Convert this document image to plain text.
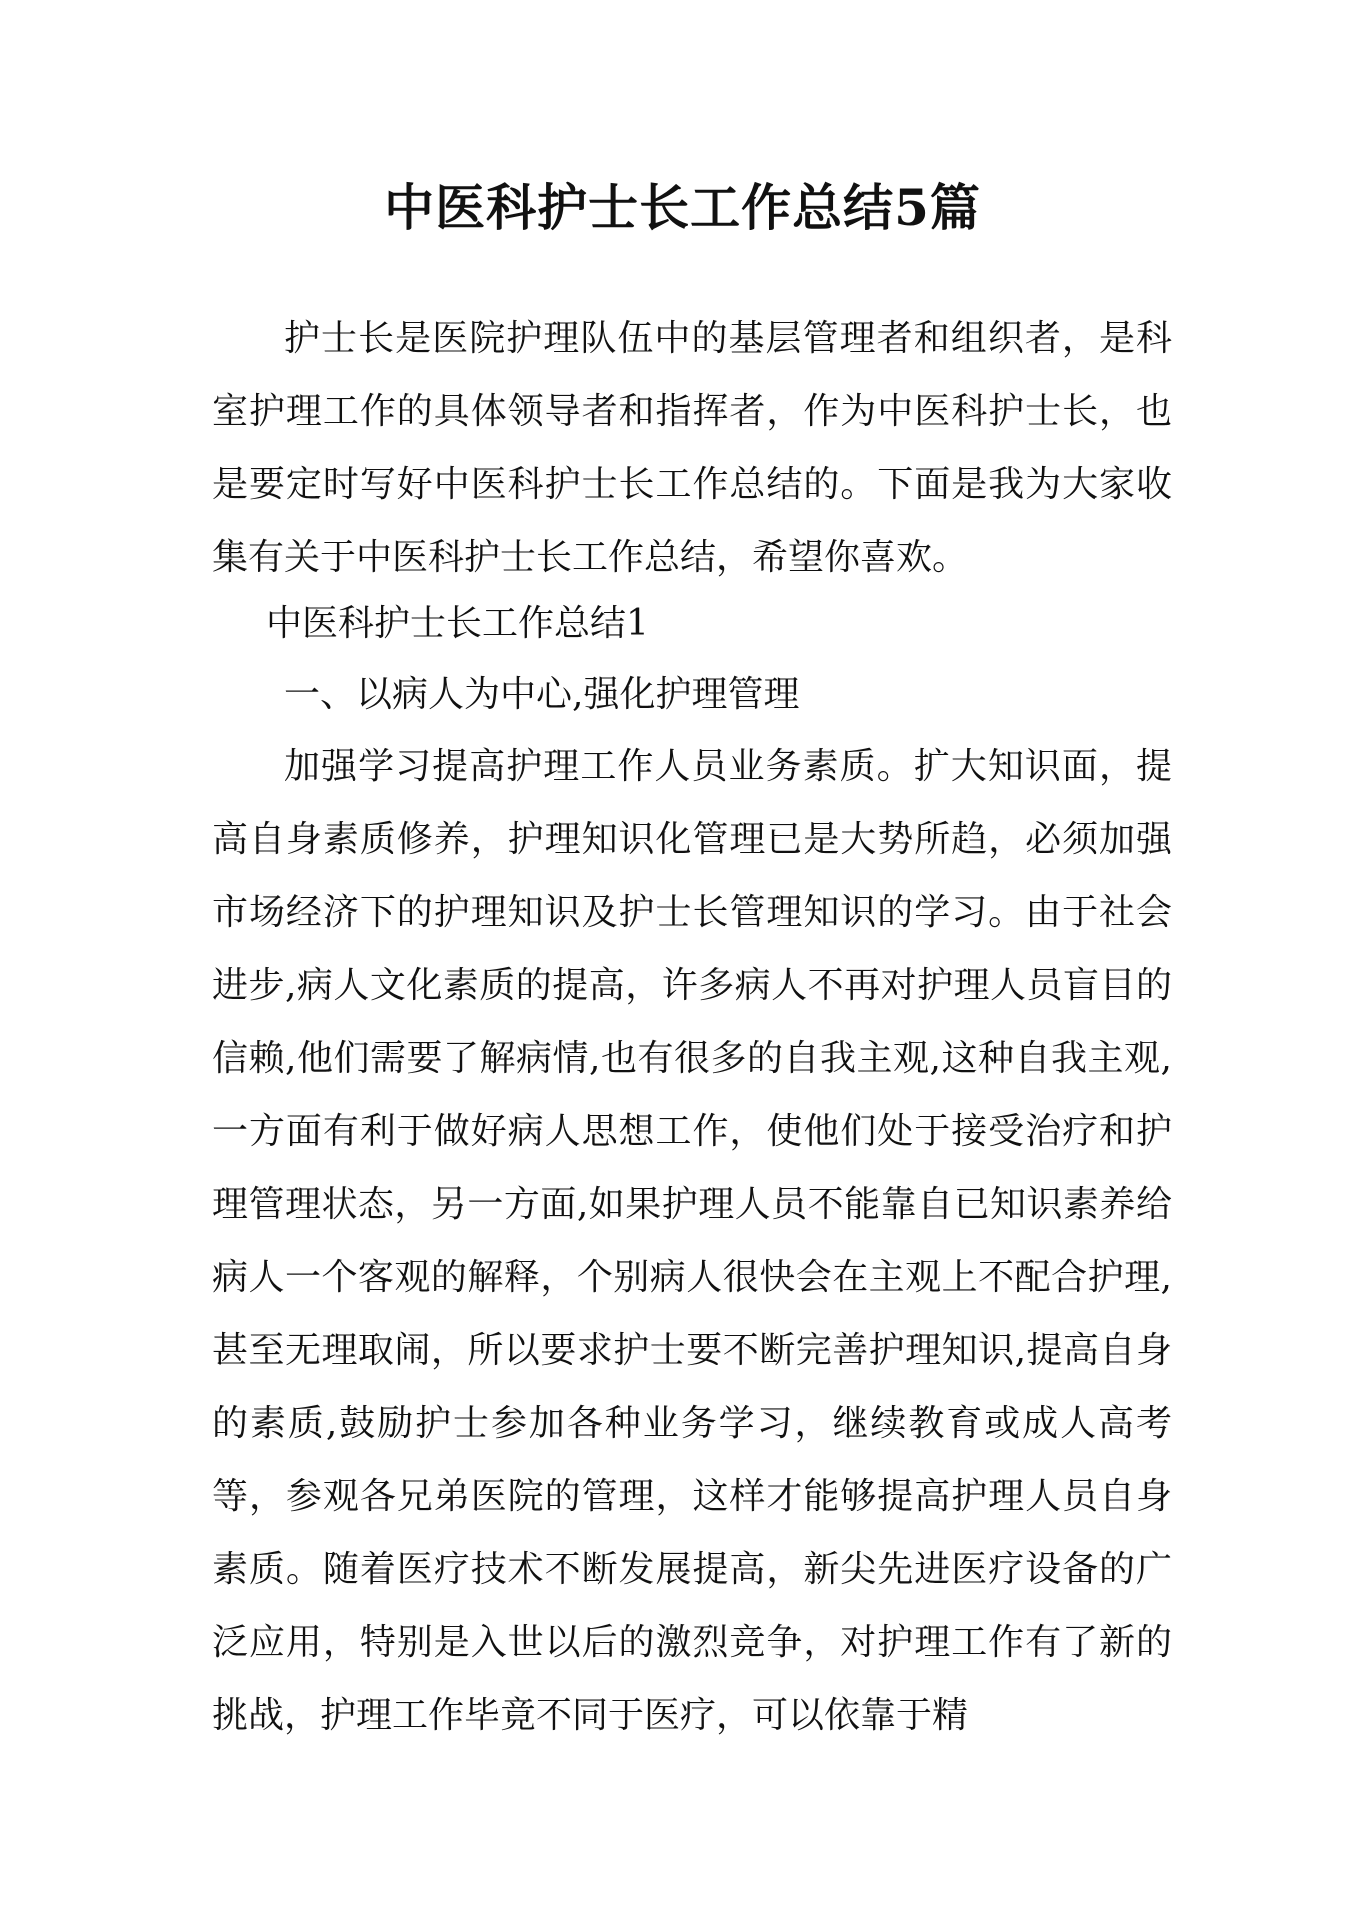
中医科护士长工作总结5篇

护士长是医院护理队伍中的基层管理者和组织者，是科室护理工作的具体领导者和指挥者，作为中医科护士长，也是要定时写好中医科护士长工作总结的。下面是我为大家收集有关于中医科护士长工作总结，希望你喜欢。

中医科护士长工作总结1

一、以病人为中心,强化护理管理

加强学习提高护理工作人员业务素质。扩大知识面，提高自身素质修养，护理知识化管理已是大势所趋，必须加强市场经济下的护理知识及护士长管理知识的学习。由于社会进步,病人文化素质的提高，许多病人不再对护理人员盲目的信赖,他们需要了解病情,也有很多的自我主观,这种自我主观,一方面有利于做好病人思想工作，使他们处于接受治疗和护理管理状态，另一方面,如果护理人员不能靠自已知识素养给病人一个客观的解释，个别病人很快会在主观上不配合护理,甚至无理取闹，所以要求护士要不断完善护理知识,提高自身的素质,鼓励护士参加各种业务学习，继续教育或成人高考等，参观各兄弟医院的管理，这样才能够提高护理人员自身素质。随着医疗技术不断发展提高，新尖先进医疗设备的广泛应用，特别是入世以后的激烈竞争，对护理工作有了新的挑战，护理工作毕竟不同于医疗，可以依靠于精
